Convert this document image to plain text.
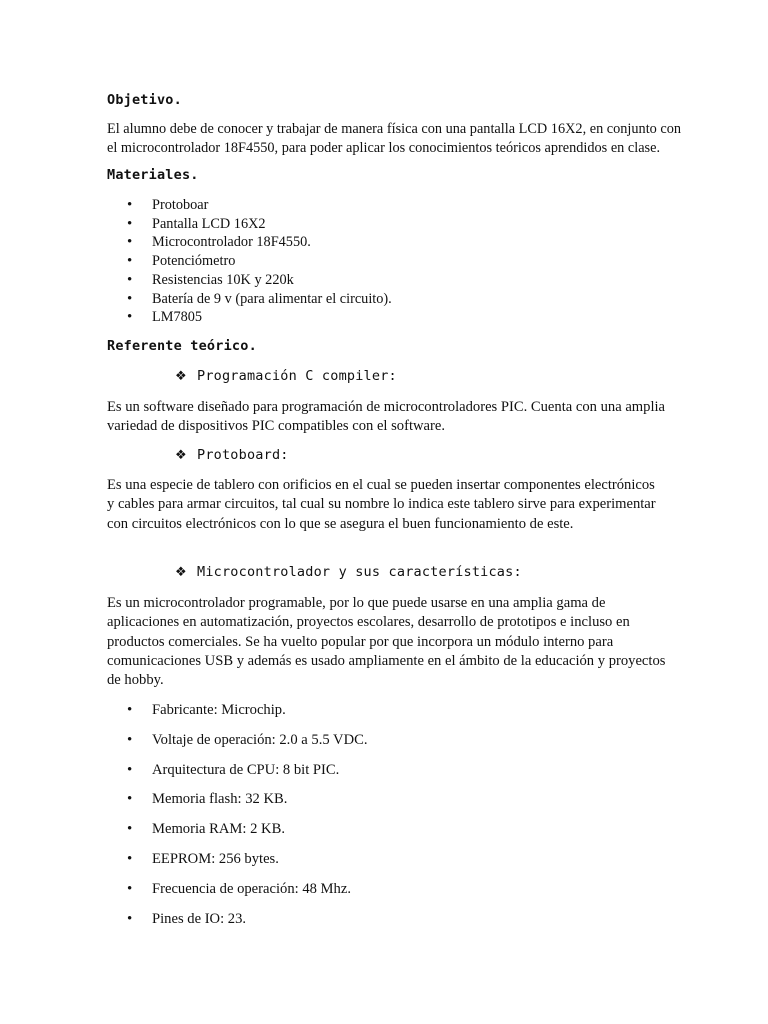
Objetivo.

El alumno debe de conocer y trabajar de manera física con una pantalla LCD 16X2, en conjunto con el microcontrolador 18F4550, para poder aplicar los conocimientos teóricos aprendidos en clase.

Materiales.
• Protoboar
• Pantalla LCD 16X2
• Microcontrolador 18F4550.
• Potenciómetro
• Resistencias 10K y 220k
• Batería de 9 v (para alimentar el circuito).
• LM7805
Referente teórico.
❖ Programación C compiler:

Es un software diseñado para programación de microcontroladores PIC. Cuenta con una amplia variedad de dispositivos PIC compatibles con el software.

❖ Protoboard:

Es una especie de tablero con orificios en el cual se pueden insertar componentes electrónicos y cables para armar circuitos, tal cual su nombre lo indica este tablero sirve para experimentar con circuitos electrónicos con lo que se asegura el buen funcionamiento de este.

❖ Microcontrolador y sus características:

Es un microcontrolador programable, por lo que puede usarse en una amplia gama de aplicaciones en automatización, proyectos escolares, desarrollo de prototipos e incluso en productos comerciales. Se ha vuelto popular por que incorpora un módulo interno para comunicaciones USB y además es usado ampliamente en el ámbito de la educación y proyectos de hobby.

• Fabricante: Microchip.
• Voltaje de operación: 2.0 a 5.5 VDC.
• Arquitectura de CPU: 8 bit PIC.
• Memoria flash: 32 KB.
• Memoria RAM: 2 KB.
• EEPROM: 256 bytes.
• Frecuencia de operación: 48 Mhz.
• Pines de IO: 23.
